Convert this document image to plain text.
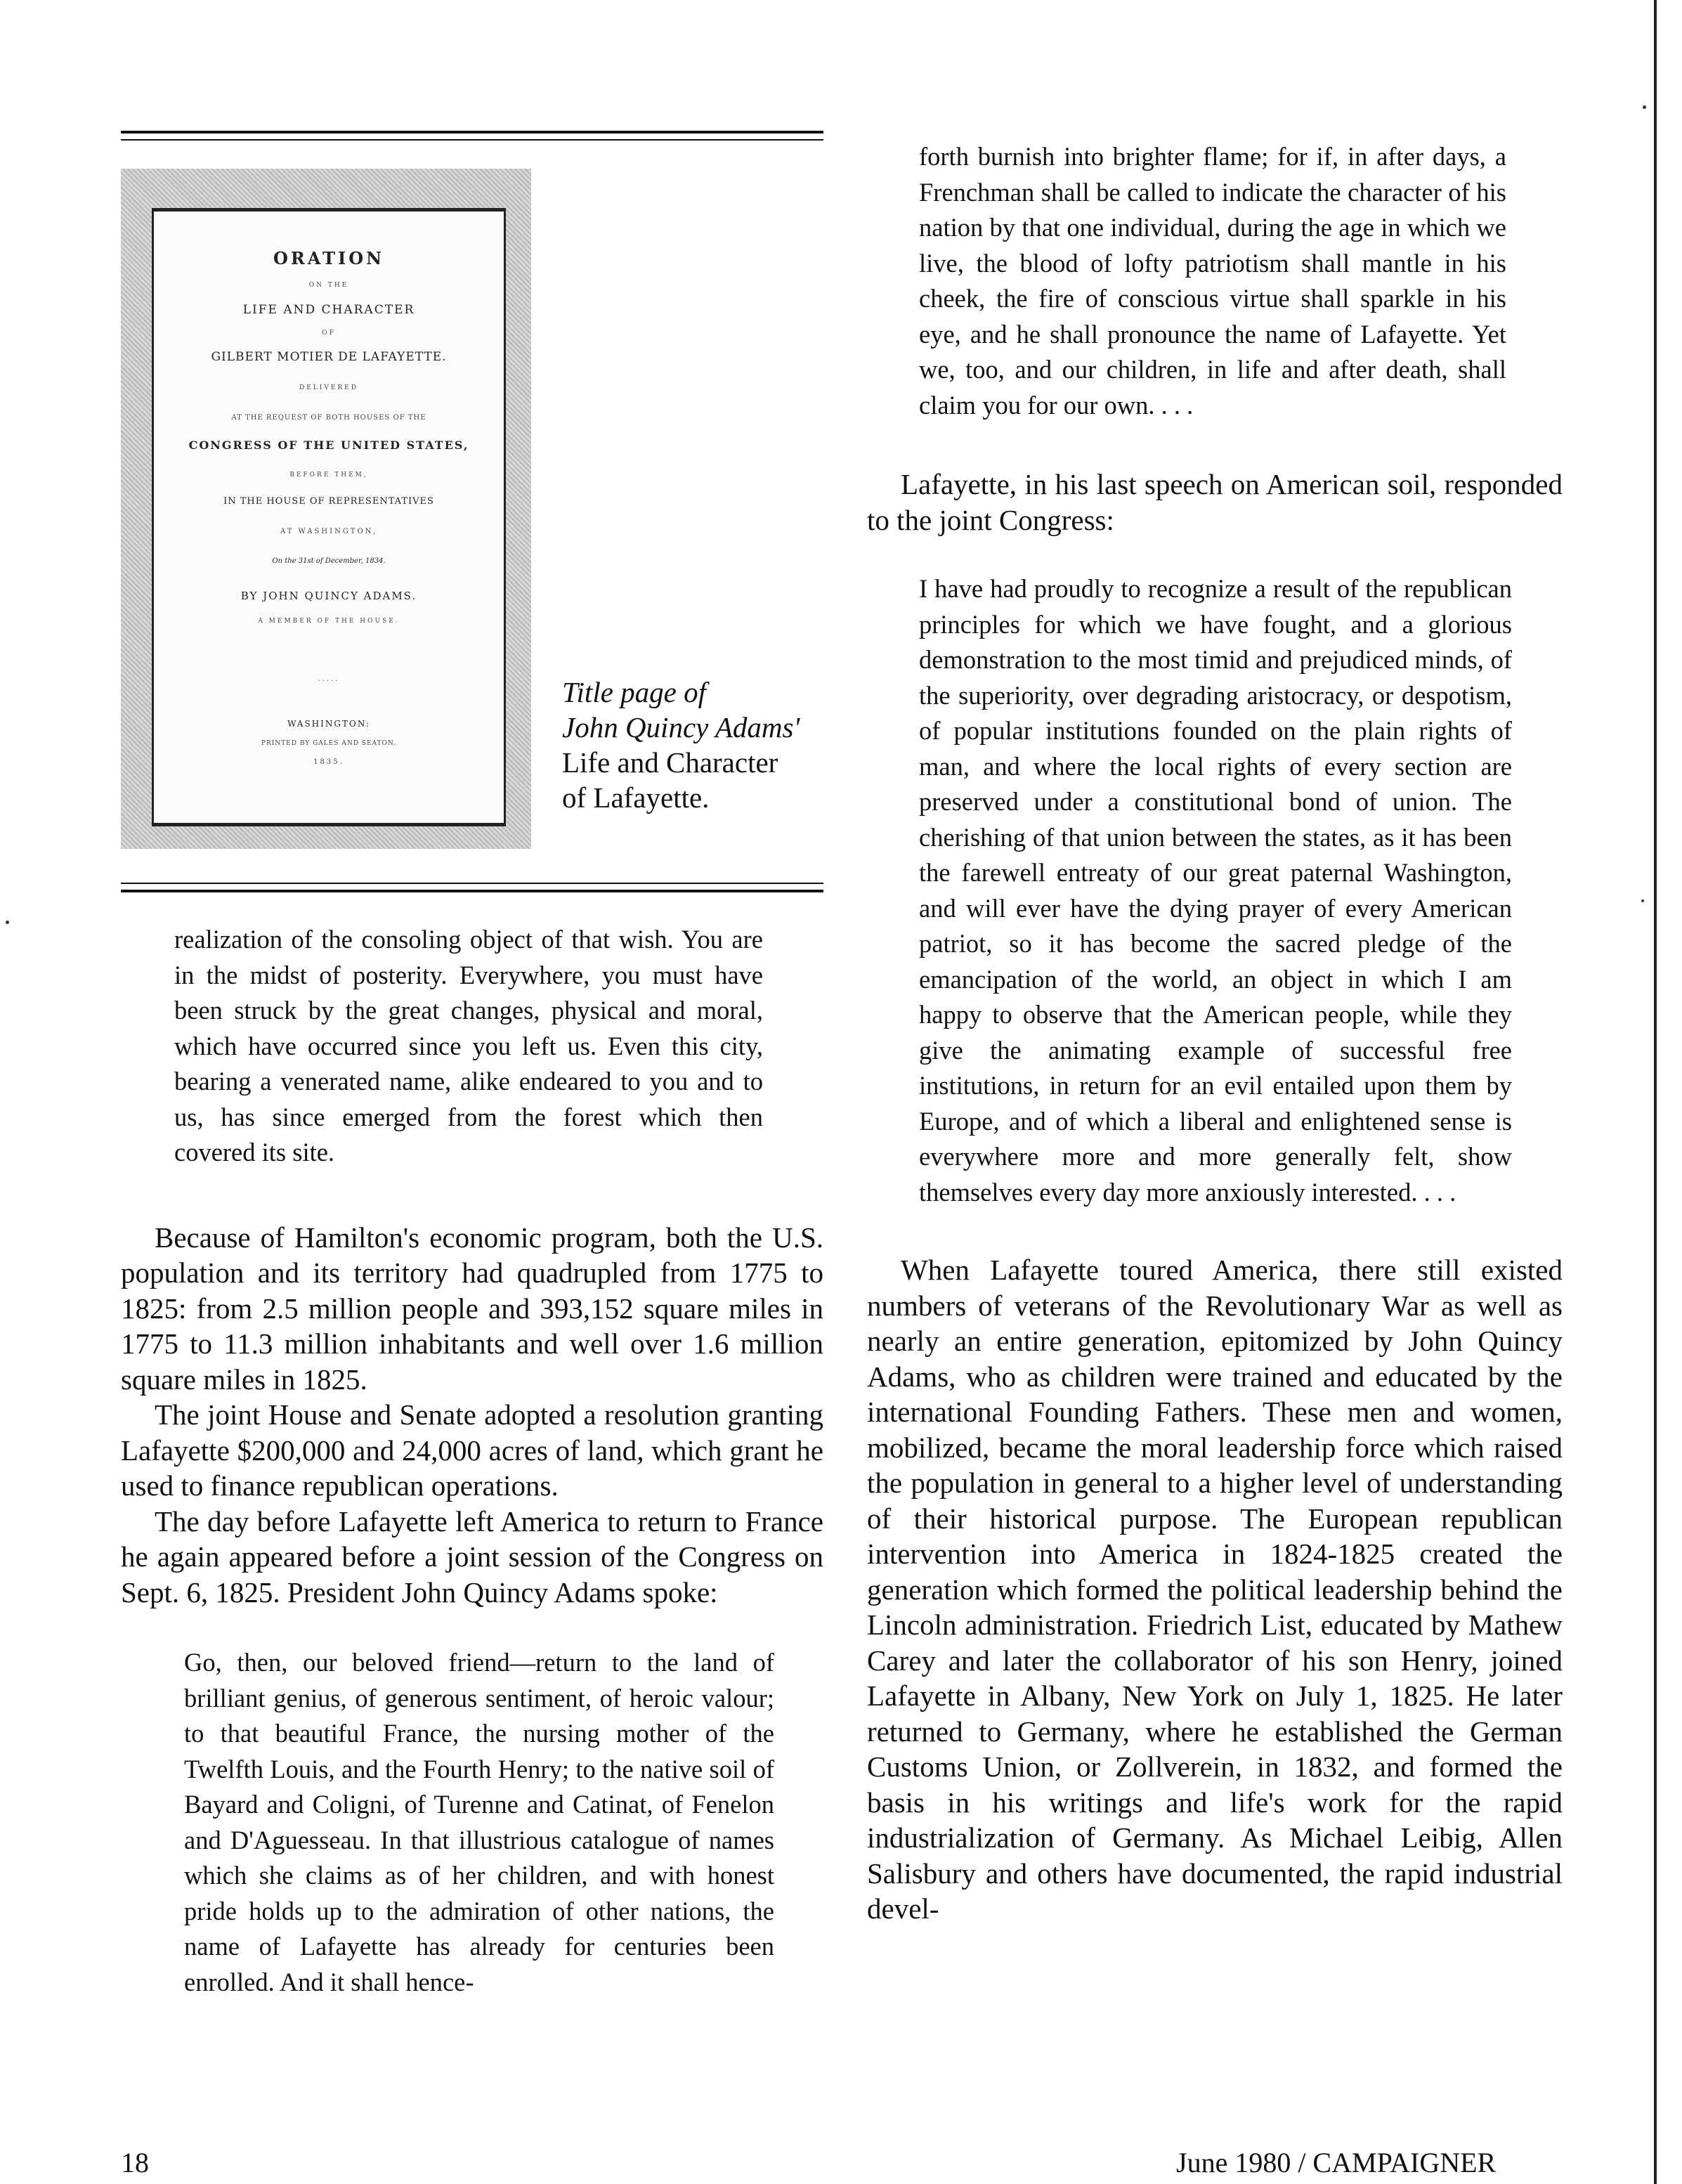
ORATION
ON THE
LIFE AND CHARACTER
OF
GILBERT MOTIER DE LAFAYETTE.
DELIVERED
AT THE REQUEST OF BOTH HOUSES OF THE
CONGRESS OF THE UNITED STATES,
BEFORE THEM,
IN THE HOUSE OF REPRESENTATIVES
AT WASHINGTON,
On the 31st of December, 1834.
BY JOHN QUINCY ADAMS.
A MEMBER OF THE HOUSE.
.....
WASHINGTON:
PRINTED BY GALES AND SEATON.
1835.
Title page of
John Quincy Adams'
Life and Character
of Lafayette.

realization of the consoling object of that wish. You are in the midst of posterity. Everywhere, you must have been struck by the great changes, physical and moral, which have occurred since you left us. Even this city, bearing a venerated name, alike endeared to you and to us, has since emerged from the forest which then covered its site.

Because of Hamilton's economic program, both the U.S. population and its territory had quadrupled from 1775 to 1825: from 2.5 million people and 393,152 square miles in 1775 to 11.3 million inhabitants and well over 1.6 million square miles in 1825.

The joint House and Senate adopted a resolution granting Lafayette $200,000 and 24,000 acres of land, which grant he used to finance republican operations.

The day before Lafayette left America to return to France he again appeared before a joint session of the Congress on Sept. 6, 1825. President John Quincy Adams spoke:

Go, then, our beloved friend—return to the land of brilliant genius, of generous sentiment, of heroic valour; to that beautiful France, the nursing mother of the Twelfth Louis, and the Fourth Henry; to the native soil of Bayard and Coligni, of Turenne and Catinat, of Fenelon and D'Aguesseau. In that illustrious catalogue of names which she claims as of her children, and with honest pride holds up to the admiration of other nations, the name of Lafayette has already for centuries been enrolled. And it shall hence-

forth burnish into brighter flame; for if, in after days, a Frenchman shall be called to indicate the character of his nation by that one individual, during the age in which we live, the blood of lofty patriotism shall mantle in his cheek, the fire of conscious virtue shall sparkle in his eye, and he shall pronounce the name of Lafayette. Yet we, too, and our children, in life and after death, shall claim you for our own. . . .

Lafayette, in his last speech on American soil, responded to the joint Congress:

I have had proudly to recognize a result of the republican principles for which we have fought, and a glorious demonstration to the most timid and prejudiced minds, of the superiority, over degrading aristocracy, or despotism, of popular institutions founded on the plain rights of man, and where the local rights of every section are preserved under a constitutional bond of union. The cherishing of that union between the states, as it has been the farewell entreaty of our great paternal Washington, and will ever have the dying prayer of every American patriot, so it has become the sacred pledge of the emancipation of the world, an object in which I am happy to observe that the American people, while they give the animating example of successful free institutions, in return for an evil entailed upon them by Europe, and of which a liberal and enlightened sense is everywhere more and more generally felt, show themselves every day more anxiously interested. . . .

When Lafayette toured America, there still existed numbers of veterans of the Revolutionary War as well as nearly an entire generation, epitomized by John Quincy Adams, who as children were trained and educated by the international Founding Fathers. These men and women, mobilized, became the moral leadership force which raised the population in general to a higher level of understanding of their historical purpose. The European republican intervention into America in 1824-1825 created the generation which formed the political leadership behind the Lincoln administration. Friedrich List, educated by Mathew Carey and later the collaborator of his son Henry, joined Lafayette in Albany, New York on July 1, 1825. He later returned to Germany, where he established the German Customs Union, or Zollverein, in 1832, and formed the basis in his writings and life's work for the rapid industrialization of Germany. As Michael Leibig, Allen Salisbury and others have documented, the rapid industrial devel-

18	June 1980 / CAMPAIGNER
